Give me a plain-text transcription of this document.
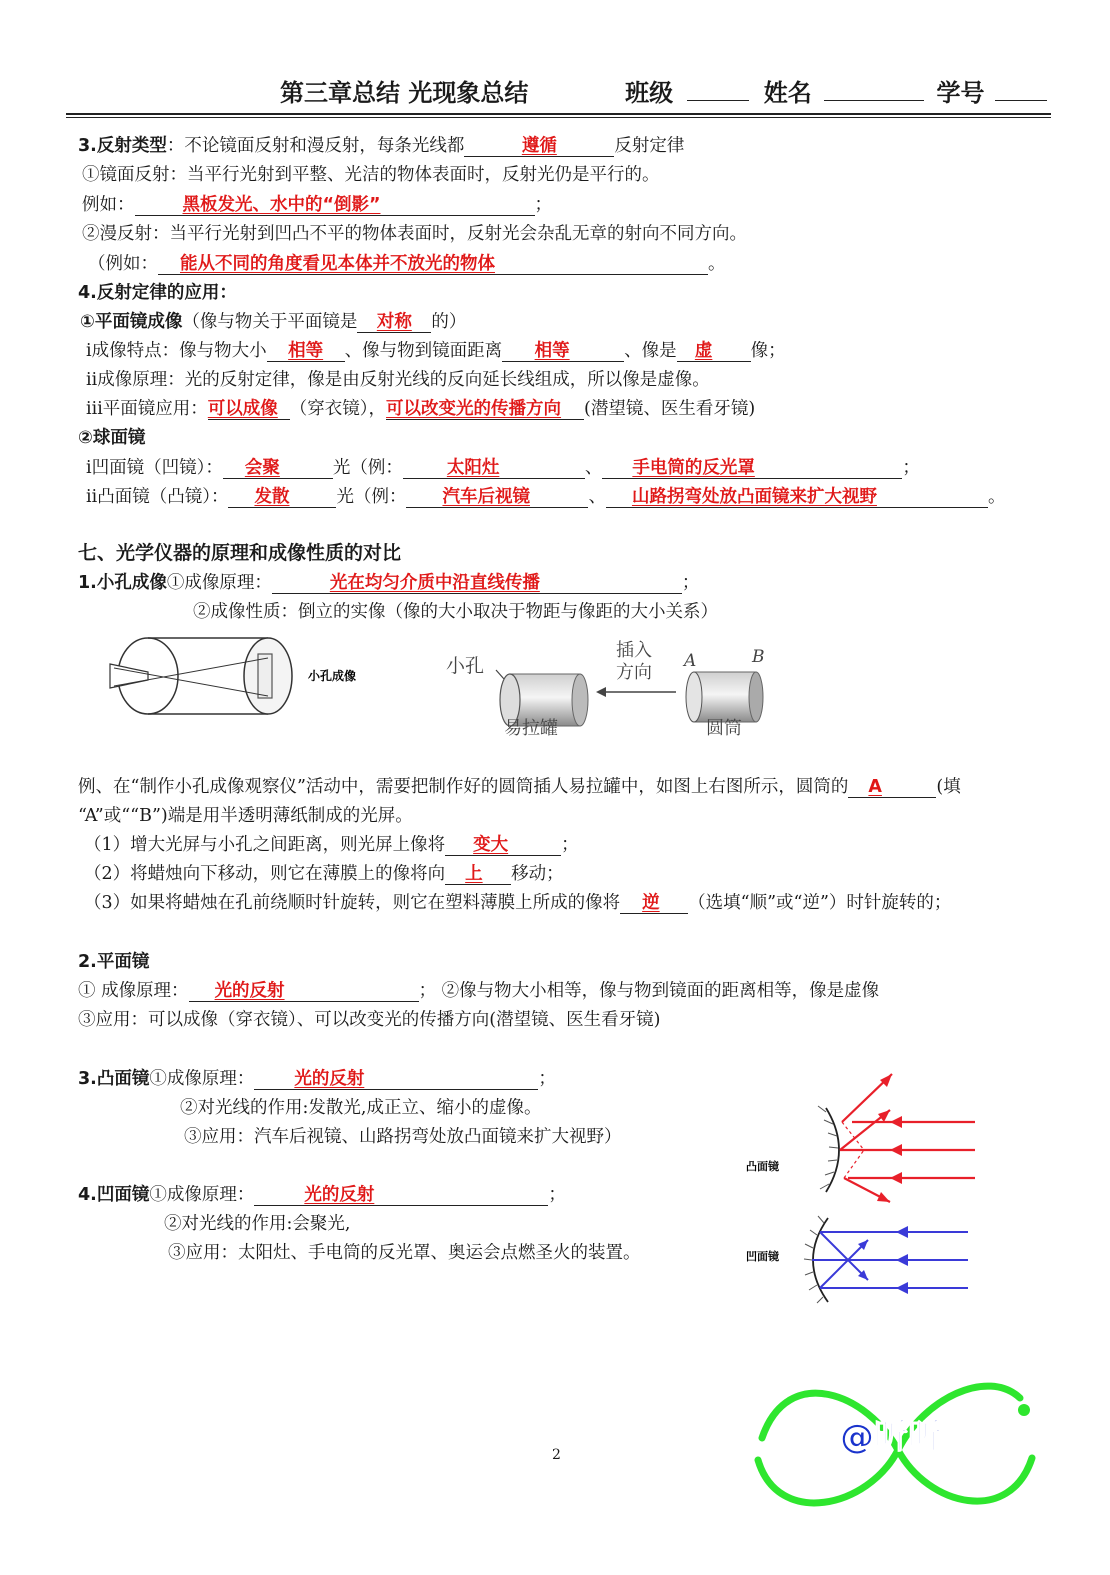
第三章总结 光现象总结	班级	姓名	学号
3.反射类型：不论镜面反射和漫反射，每条光线都	遵循	反射定律
①镜面反射：当平行光射到平整、光洁的物体表面时，反射光仍是平行的。
例如：	黑板发光、水中的“倒影”	；
②漫反射：当平行光射到凹凸不平的物体表面时，反射光会杂乱无章的射向不同方向。
（例如： 能从不同的角度看见本体并不放光的物体	。
4.反射定律的应用：
①平面镜成像（像与物关于平面镜是 对称 的）
ⅰ成像特点：像与物大小 相等 、像与物到镜面距离 相等	、像是 虚 像；
ⅱ成像原理：光的反射定律，像是由反射光线的反向延长线组成，所以像是虚像。
ⅲ平面镜应用：可以成像 （穿衣镜），可以改变光的传播方向 (潜望镜、医生看牙镜)
②球面镜
ⅰ凹面镜（凹镜）： 会聚	光（例：	太阳灶	、 手电筒的反光罩	；
ⅱ凸面镜（凸镜）： 发散	光（例： 汽车后视镜	、 山路拐弯处放凸面镜来扩大视野	。
七、光学仪器的原理和成像性质的对比
1.小孔成像①成像原理：	光在均匀介质中沿直线传播	；
②成像性质：倒立的实像（像的大小取决于物距与像距的大小关系）
小孔成像	小孔
易拉罐
插入
方向
A	B
圆筒
例、在“制作小孔成像观察仪”活动中，需要把制作好的圆筒插人易拉罐中，如图上右图所示，圆筒的 A	(填
“A”或““B”)端是用半透明薄纸制成的光屏。
（1）增大光屏与小孔之间距离，则光屏上像将 变大	；
（2）将蜡烛向下移动，则它在薄膜上的像将向 上 移动；
（3）如果将蜡烛在孔前绕顺时针旋转，则它在塑料薄膜上所成的像将 逆 （选填“顺”或“逆”）时针旋转的；
2.平面镜
① 成像原理： 光的反射	； ②像与物大小相等，像与物到镜面的距离相等，像是虚像
③应用：可以成像（穿衣镜）、可以改变光的传播方向(潜望镜、医生看牙镜)
3.凸面镜①成像原理： 光的反射	；
②对光线的作用:发散光,成正立、缩小的虚像。
③应用：汽车后视镜、山路拐弯处放凸面镜来扩大视野）
4.凹面镜①成像原理：	光的反射	；
②对光线的作用:会聚光,
③应用：太阳灶、手电筒的反光罩、奥运会点燃圣火的装置。
凸面镜
凹面镜
2	@昕昕
